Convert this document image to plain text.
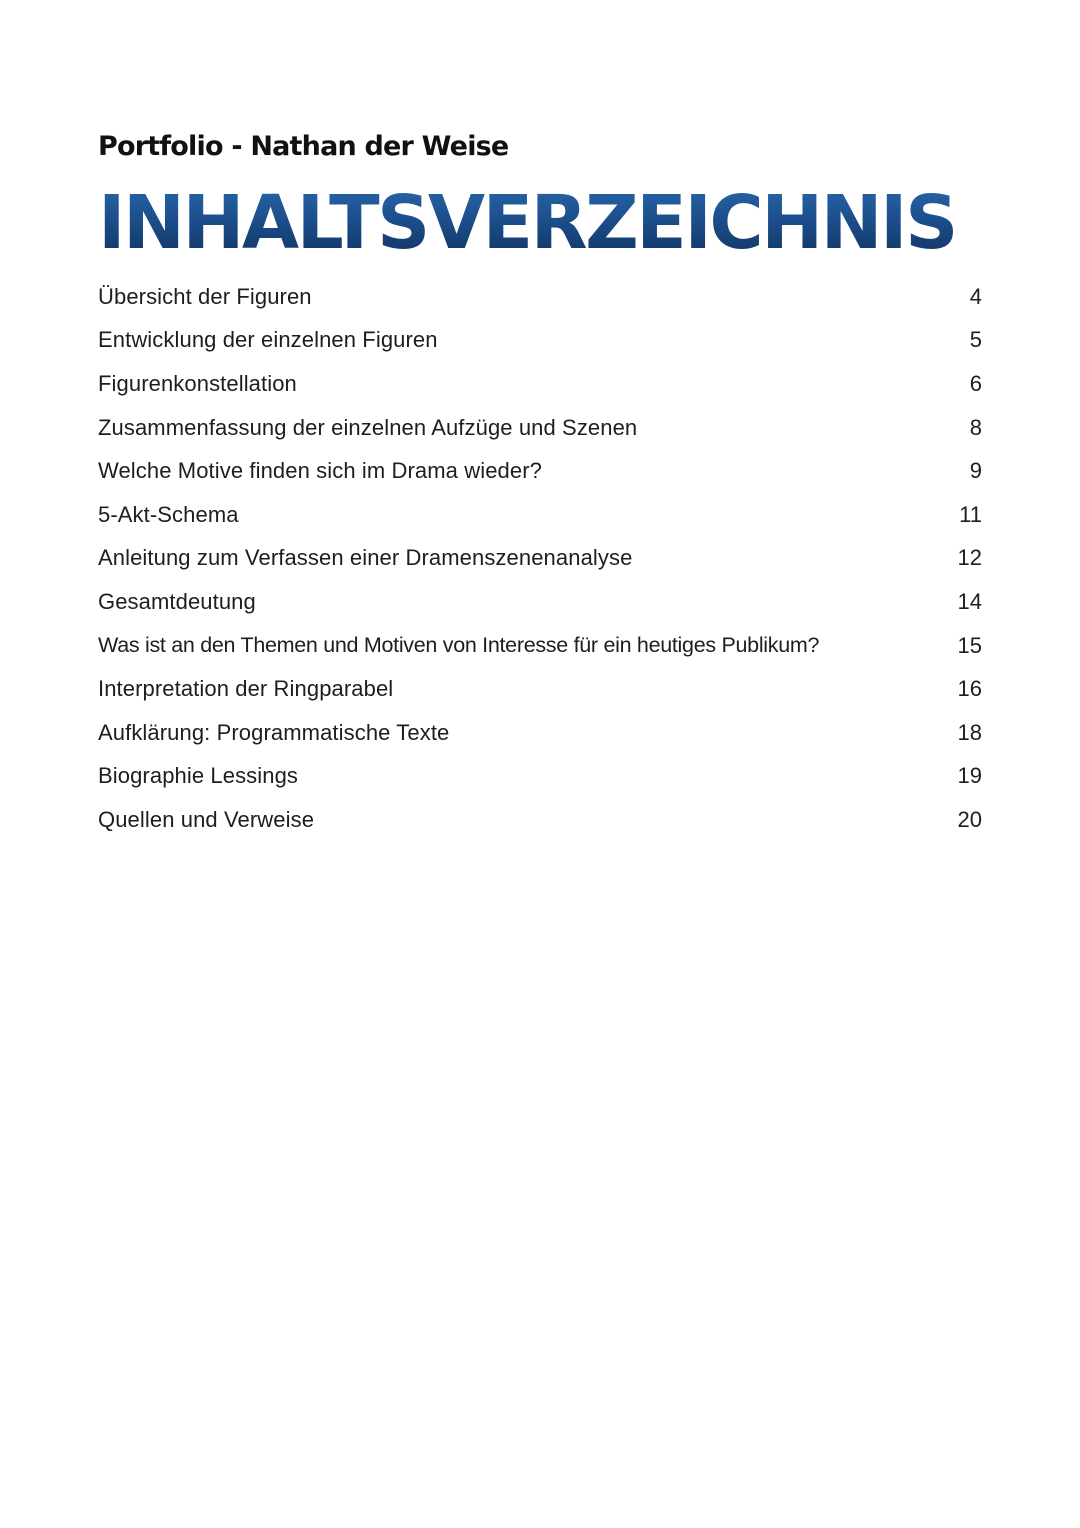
Portfolio - Nathan der Weise
INHALTSVERZEICHNIS
Übersicht der Figuren	4
Entwicklung der einzelnen Figuren	5
Figurenkonstellation	6
Zusammenfassung der einzelnen Aufzüge und Szenen	8
Welche Motive finden sich im Drama wieder?	9
5-Akt-Schema	11
Anleitung zum Verfassen einer Dramenszenenanalyse	12
Gesamtdeutung	14
Was ist an den Themen und Motiven von Interesse für ein heutiges Publikum?	15
Interpretation der Ringparabel	16
Aufklärung: Programmatische Texte	18
Biographie Lessings	19
Quellen und Verweise	20
